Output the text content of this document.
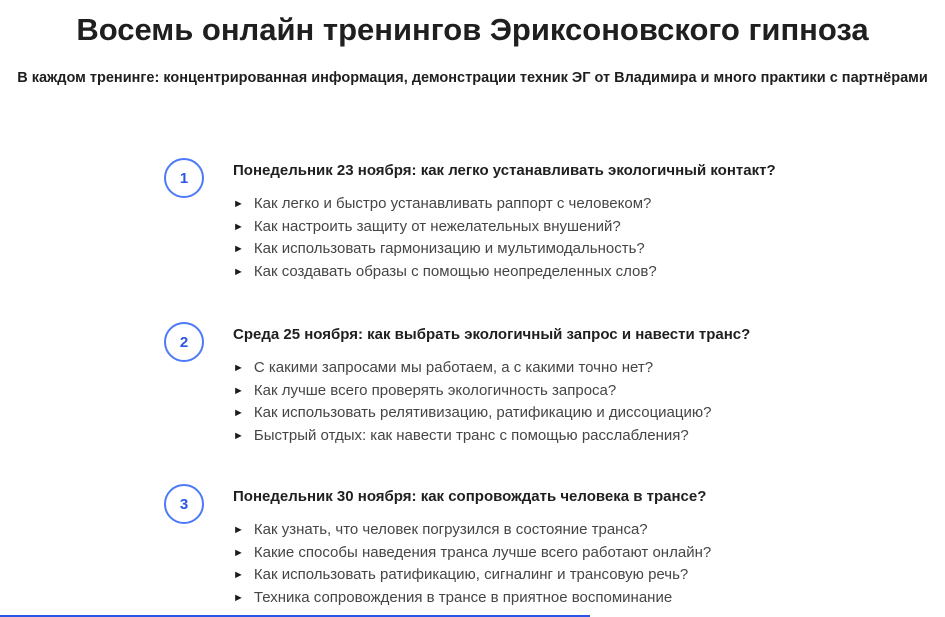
Восемь онлайн тренингов Эриксоновского гипноза
В каждом тренинге: концентрированная информация, демонстрации техник ЭГ от Владимира и много практики с партнёрами
1	Понедельник 23 ноября: как легко устанавливать экологичный контакт?
► Как легко и быстро устанавливать раппорт с человеком?
► Как настроить защиту от нежелательных внушений?
► Как использовать гармонизацию и мультимодальность?
► Как создавать образы с помощью неопределенных слов?
2	Среда 25 ноября: как выбрать экологичный запрос и навести транс?
► С какими запросами мы работаем, а с какими точно нет?
► Как лучше всего проверять экологичность запроса?
► Как использовать релятивизацию, ратификацию и диссоциацию?
► Быстрый отдых: как навести транс с помощью расслабления?
3	Понедельник 30 ноября: как сопровождать человека в трансе?
► Как узнать, что человек погрузился в состояние транса?
► Какие способы наведения транса лучше всего работают онлайн?
► Как использовать ратификацию, сигналинг и трансовую речь?
► Техника сопровождения в трансе в приятное воспоминание
